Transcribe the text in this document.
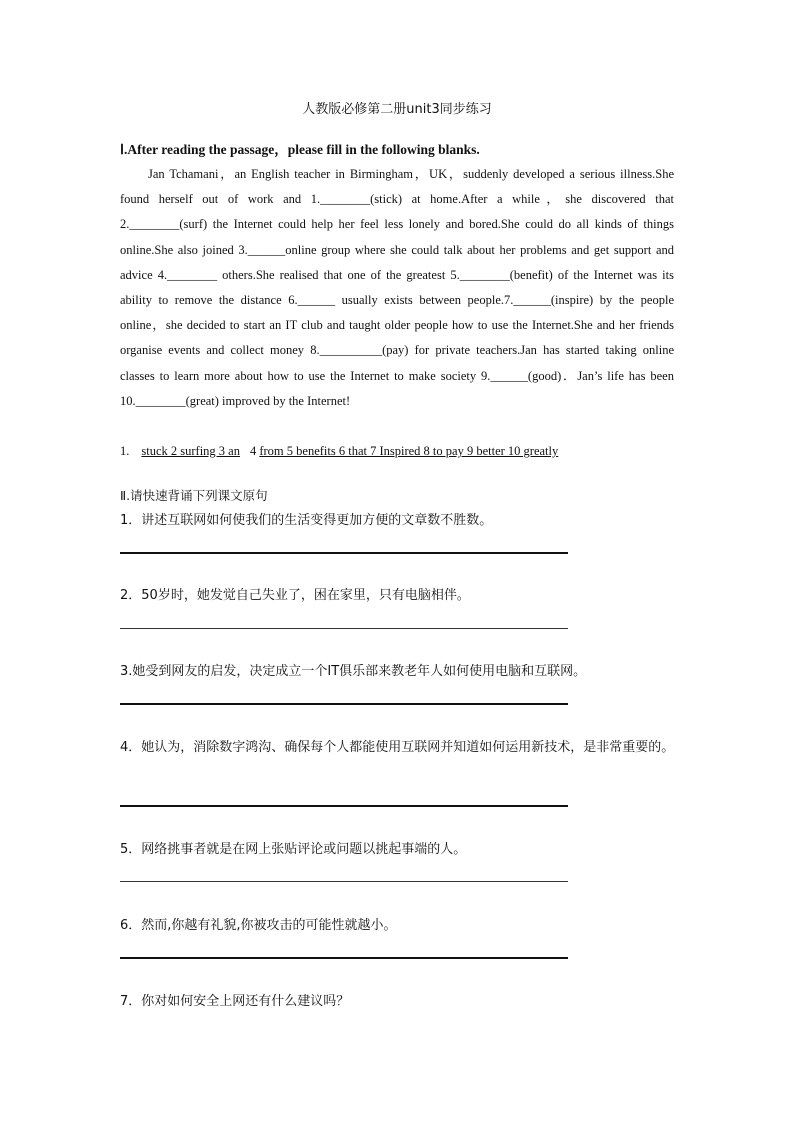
人教版必修第二册unit3同步练习
Ⅰ.After reading the passage，please fill in the following blanks.

Jan Tchamani，an English teacher in Birmingham，UK，suddenly developed a serious illness.She found herself out of work and 1.________(stick) at home.After a while，she discovered that 2.________(surf) the Internet could help her feel less lonely and bored.She could do all kinds of things online.She also joined 3.______online group where she could talk about her problems and get support and advice 4.________ others.She realised that one of the greatest 5.________(benefit) of the Internet was its ability to remove the distance 6.______ usually exists between people.7.______(inspire) by the people online，she decided to start an IT club and taught older people how to use the Internet.She and her friends organise events and collect money 8.__________(pay) for private teachers.Jan has started taking online classes to learn more about how to use the Internet to make society 9.______(good)．Jan’s life has been 10.________(great) improved by the Internet!

1. stuck 2 surfing 3 an 4 from 5 benefits 6 that 7 Inspired 8 to pay 9 better 10 greatly
Ⅱ.请快速背诵下列课文原句

1．讲述互联网如何使我们的生活变得更加方便的文章数不胜数。

2．50岁时，她发觉自己失业了，困在家里，只有电脑相伴。

3.她受到网友的启发，决定成立一个IT俱乐部来教老年人如何使用电脑和互联网。

4．她认为，消除数字鸿沟、确保每个人都能使用互联网并知道如何运用新技术，是非常重要的。

5．网络挑事者就是在网上张贴评论或问题以挑起事端的人。

6．然而,你越有礼貌,你被攻击的可能性就越小。

7．你对如何安全上网还有什么建议吗？
